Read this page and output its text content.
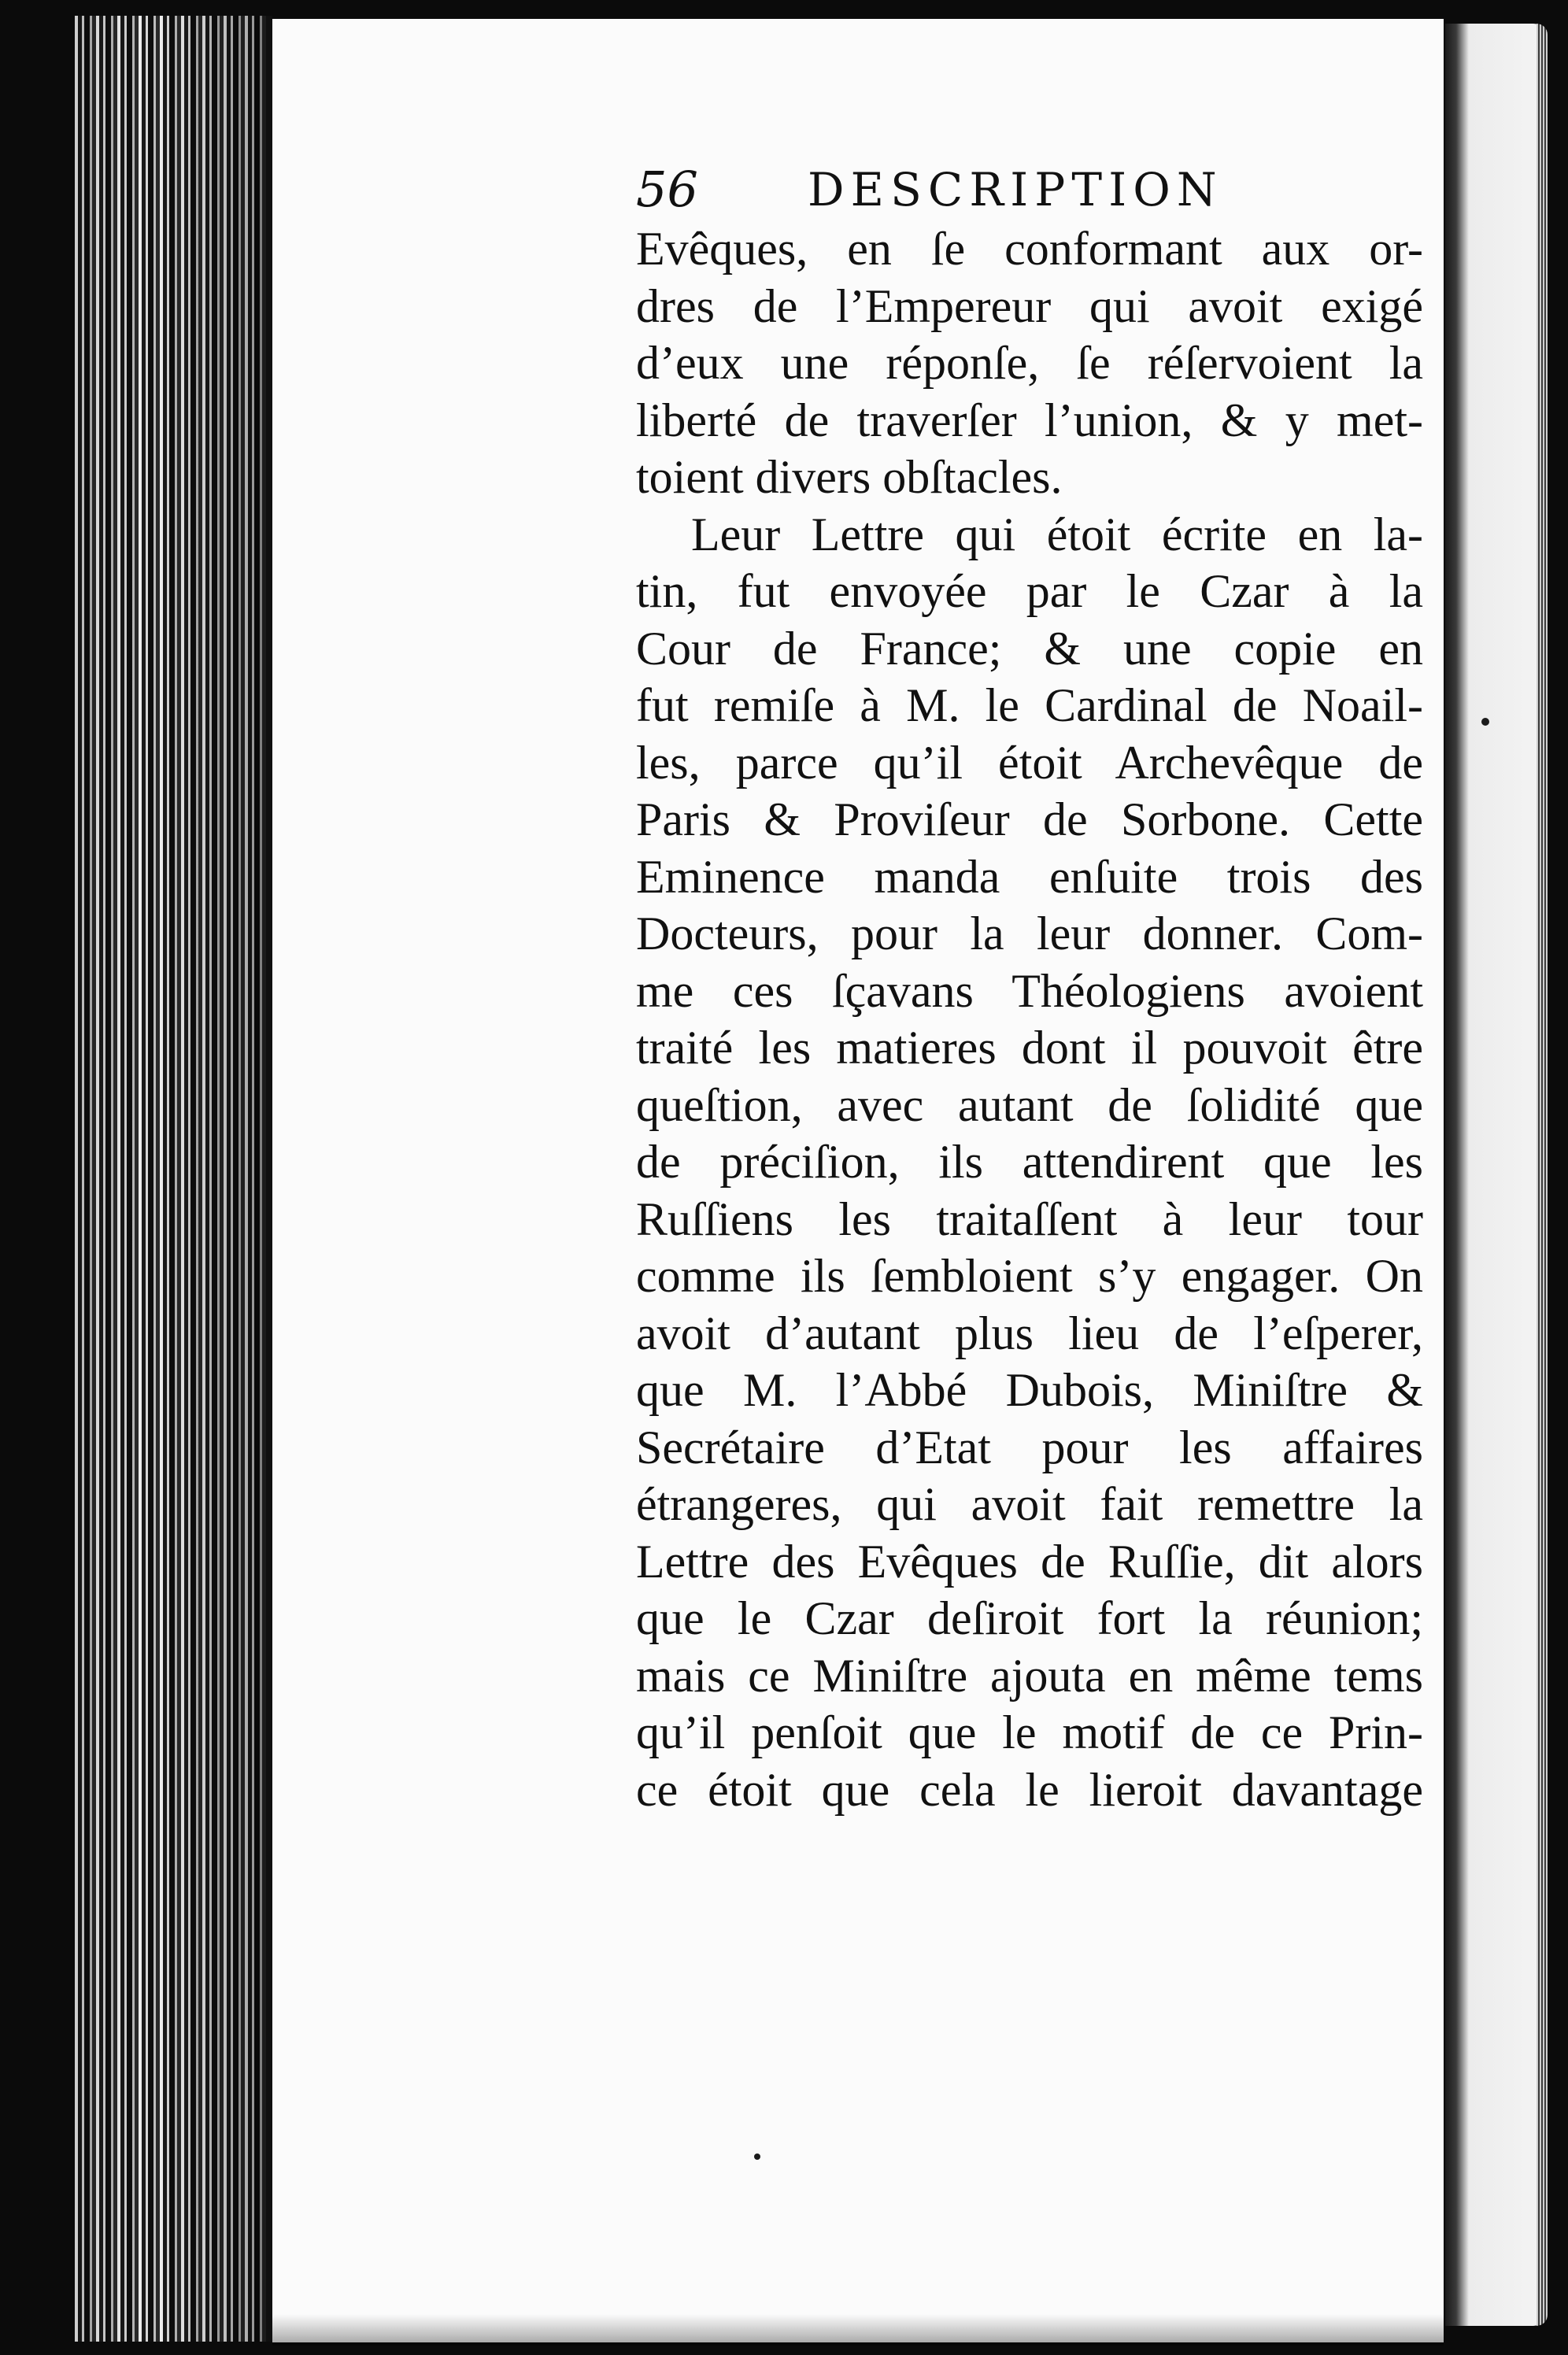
56 DESCRIPTION
Evêques, en ſe conformant aux or-
dres de l’Empereur qui avoit exigé
d’eux une réponſe, ſe réſervoient la
liberté de traverſer l’union, & y met-
toient divers obſtacles.
Leur Lettre qui étoit écrite en la-
tin, fut envoyée par le Czar à la
Cour de France; & une copie en
fut remiſe à M. le Cardinal de Noail-
les, parce qu’il étoit Archevêque de
Paris & Proviſeur de Sorbone. Cette
Eminence manda enſuite trois des
Docteurs, pour la leur donner. Com-
me ces ſçavans Théologiens avoient
traité les matieres dont il pouvoit être
queſtion, avec autant de ſolidité que
de préciſion, ils attendirent que les
Ruſſiens les traitaſſent à leur tour
comme ils ſembloient s’y engager. On
avoit d’autant plus lieu de l’eſperer,
que M. l’Abbé Dubois, Miniſtre &
Secrétaire d’Etat pour les affaires
étrangeres, qui avoit fait remettre la
Lettre des Evêques de Ruſſie, dit alors
que le Czar deſiroit fort la réunion;
mais ce Miniſtre ajouta en même tems
qu’il penſoit que le motif de ce Prin-
ce étoit que cela le lieroit davantage
